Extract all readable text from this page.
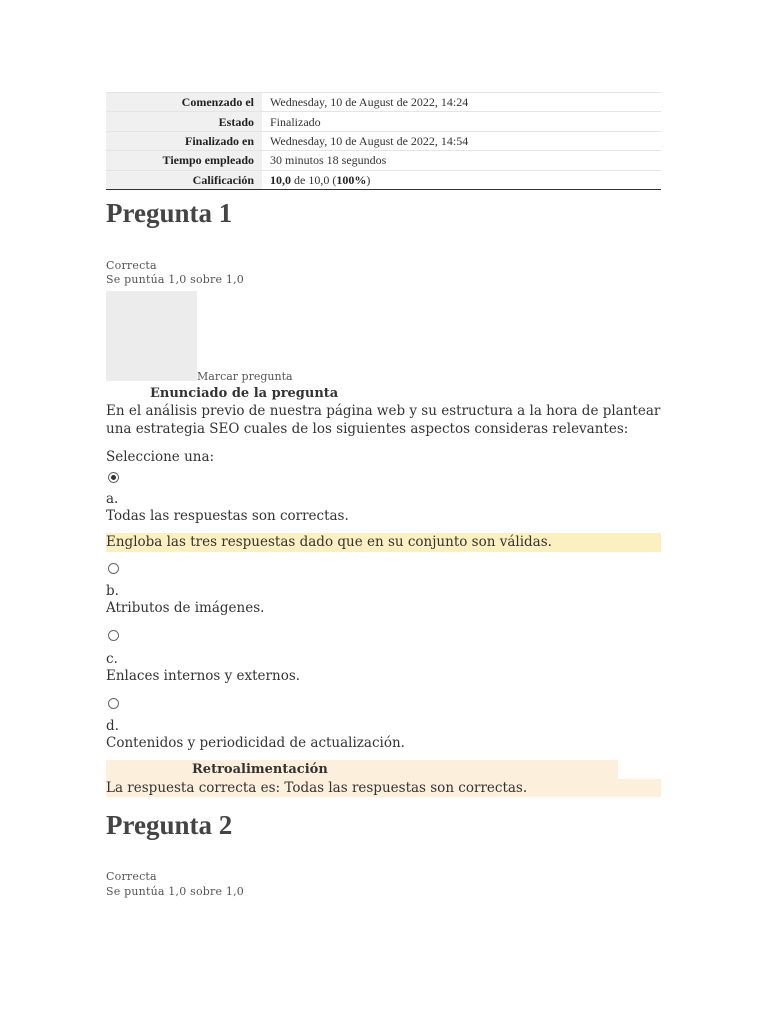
Comenzado el	Wednesday, 10 de August de 2022, 14:24
Estado	Finalizado
Finalizado en	Wednesday, 10 de August de 2022, 14:54
Tiempo empleado	30 minutos 18 segundos
Calificación	10,0 de 10,0 (100%)
Pregunta 1
Correcta
Se puntúa 1,0 sobre 1,0
Marcar pregunta
Enunciado de la pregunta
En el análisis previo de nuestra página web y su estructura a la hora de plantear una estrategia SEO cuales de los siguientes aspectos consideras relevantes:
Seleccione una:
a.
Todas las respuestas son correctas.
Engloba las tres respuestas dado que en su conjunto son válidas.
b.
Atributos de imágenes.
c.
Enlaces internos y externos.
d.
Contenidos y periodicidad de actualización.
Retroalimentación
La respuesta correcta es: Todas las respuestas son correctas.
Pregunta 2
Correcta
Se puntúa 1,0 sobre 1,0
